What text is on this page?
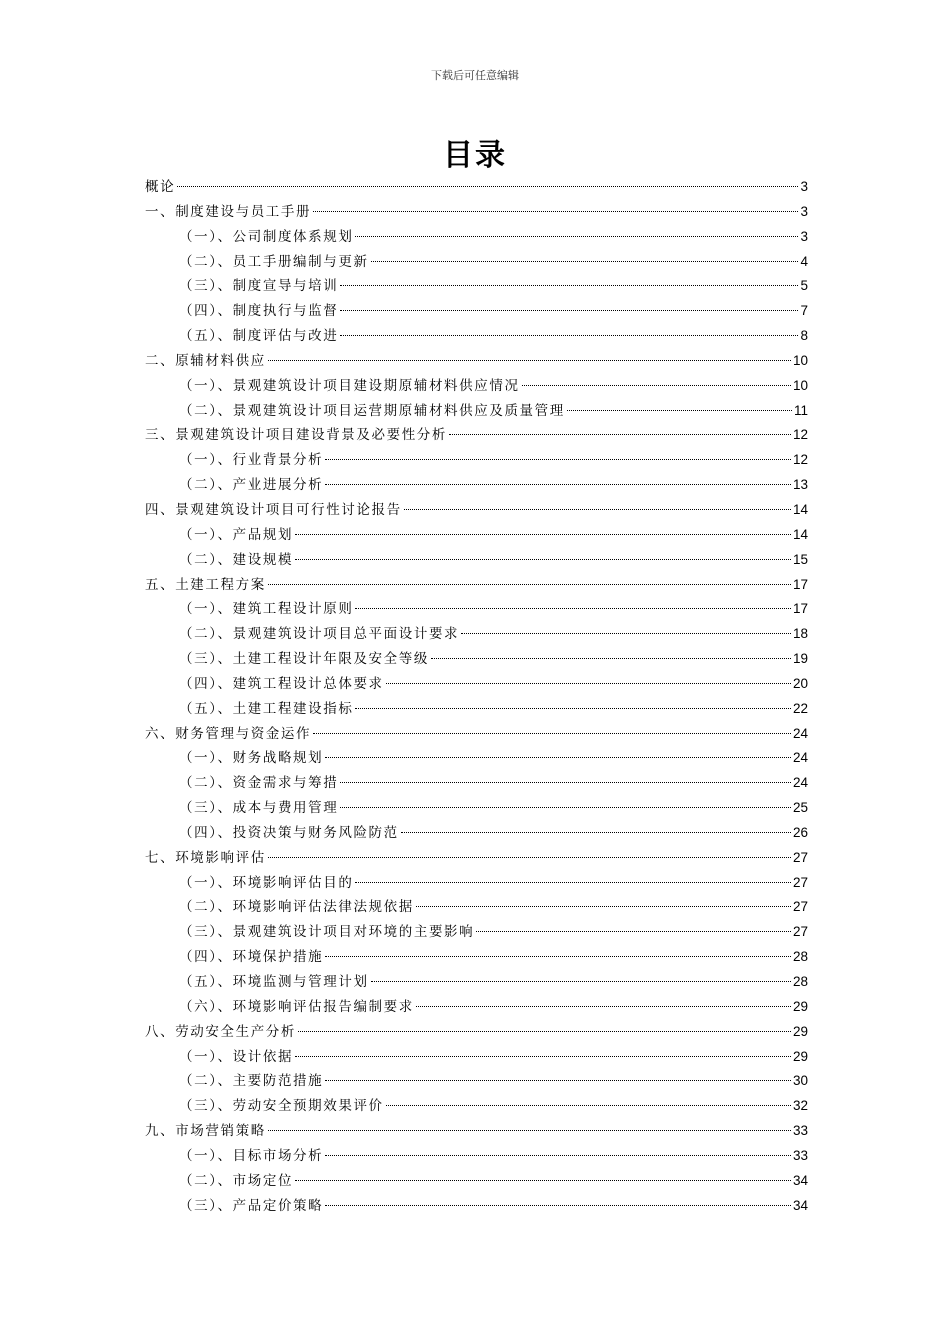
下载后可任意编辑
目录
概论	3
一、制度建设与员工手册	3
（一）、公司制度体系规划	3
（二）、员工手册编制与更新	4
（三）、制度宣导与培训	5
（四）、制度执行与监督	7
（五）、制度评估与改进	8
二、原辅材料供应	10
（一）、景观建筑设计项目建设期原辅材料供应情况	10
（二）、景观建筑设计项目运营期原辅材料供应及质量管理	11
三、景观建筑设计项目建设背景及必要性分析	12
（一）、行业背景分析	12
（二）、产业进展分析	13
四、景观建筑设计项目可行性讨论报告	14
（一）、产品规划	14
（二）、建设规模	15
五、土建工程方案	17
（一）、建筑工程设计原则	17
（二）、景观建筑设计项目总平面设计要求	18
（三）、土建工程设计年限及安全等级	19
（四）、建筑工程设计总体要求	20
（五）、土建工程建设指标	22
六、财务管理与资金运作	24
（一）、财务战略规划	24
（二）、资金需求与筹措	24
（三）、成本与费用管理	25
（四）、投资决策与财务风险防范	26
七、环境影响评估	27
（一）、环境影响评估目的	27
（二）、环境影响评估法律法规依据	27
（三）、景观建筑设计项目对环境的主要影响	27
（四）、环境保护措施	28
（五）、环境监测与管理计划	28
（六）、环境影响评估报告编制要求	29
八、劳动安全生产分析	29
（一）、设计依据	29
（二）、主要防范措施	30
（三）、劳动安全预期效果评价	32
九、市场营销策略	33
（一）、目标市场分析	33
（二）、市场定位	34
（三）、产品定价策略	34
